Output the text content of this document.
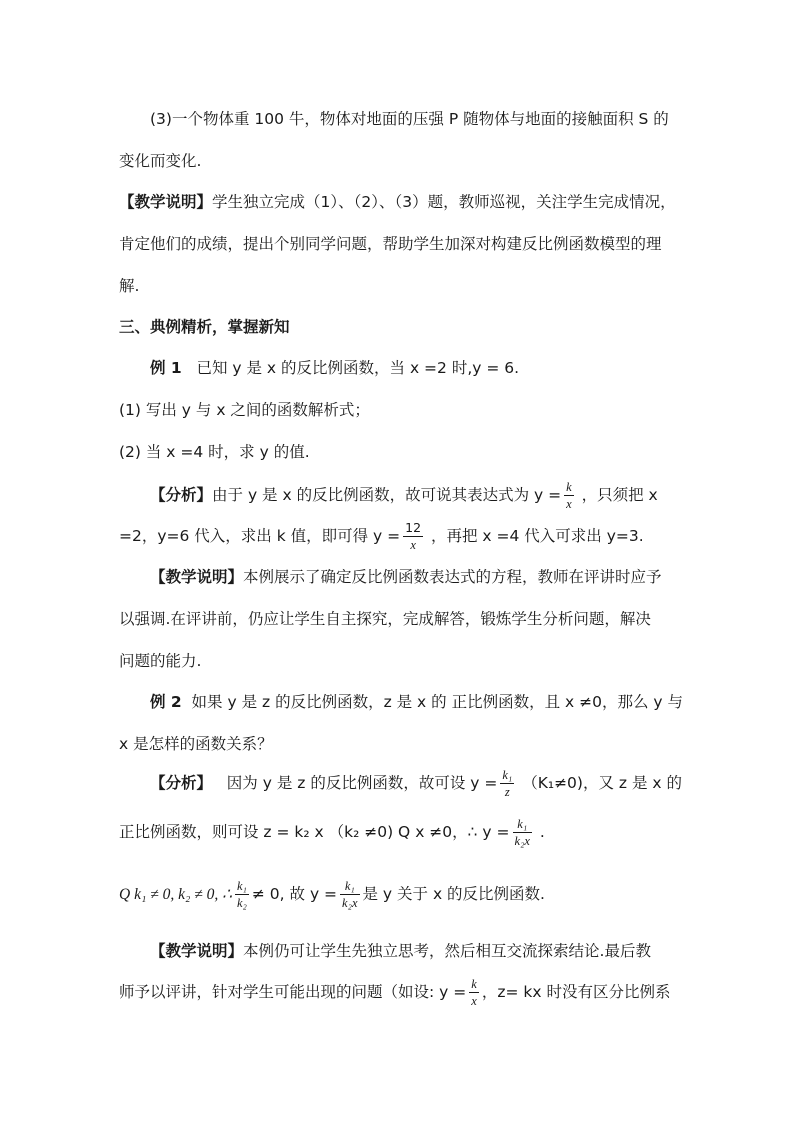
(3)一个物体重 100 牛，物体对地面的压强 P 随物体与地面的接触面积 S 的
变化而变化.
【教学说明】学生独立完成（1）、（2）、（3）题，教师巡视，关注学生完成情况，
肯定他们的成绩，提出个别同学问题，帮助学生加深对构建反比例函数模型的理
解.
三、典例精析，掌握新知
例 1 已知 y 是 x 的反比例函数，当 x =2 时,y = 6.
(1) 写出 y 与 x 之间的函数解析式；
(2) 当 x =4 时，求 y 的值.
【分析】由于 y 是 x 的反比例函数，故可说其表达式为 $y = \frac{k}{x}$ ，只须把 x
=2，y=6 代入，求出 k 值，即可得 $y = \frac{12}{x}$ ，再把 x =4 代入可求出 y=3.
【教学说明】本例展示了确定反比例函数表达式的方程，教师在评讲时应予
以强调.在评讲前，仍应让学生自主探究，完成解答，锻炼学生分析问题，解决
问题的能力.
例 2 如果 y 是 z 的反比例函数，z 是 x 的 正比例函数，且 x ≠0，那么 y 与
x 是怎样的函数关系？
【分析】 因为 y 是 z 的反比例函数，故可设 $y = \frac{\text{k₁}}{z} (K_1\ne 0)$，又 z 是 x 的
正比例函数，则可设 z = k₂ x （k₂ ≠0) Q x ≠0，∴ $y = \frac{\text{k₁}}{\text{k₂x}}$ .
Q k₁ ≠ 0, k₂ ≠ 0, ∴ $\frac{\text{k₁}}{\text{k₂}} \ne 0$, 故 $y = \frac{\text{k₁}}{\text{k₂x}}$ 是 y 关于 x 的反比例函数.
【教学说明】本例仍可让学生先独立思考，然后相互交流探索结论.最后教
师予以评讲，针对学生可能出现的问题（如设: $y = \frac{k}{x}$ ，z= kx 时没有区分比例系
